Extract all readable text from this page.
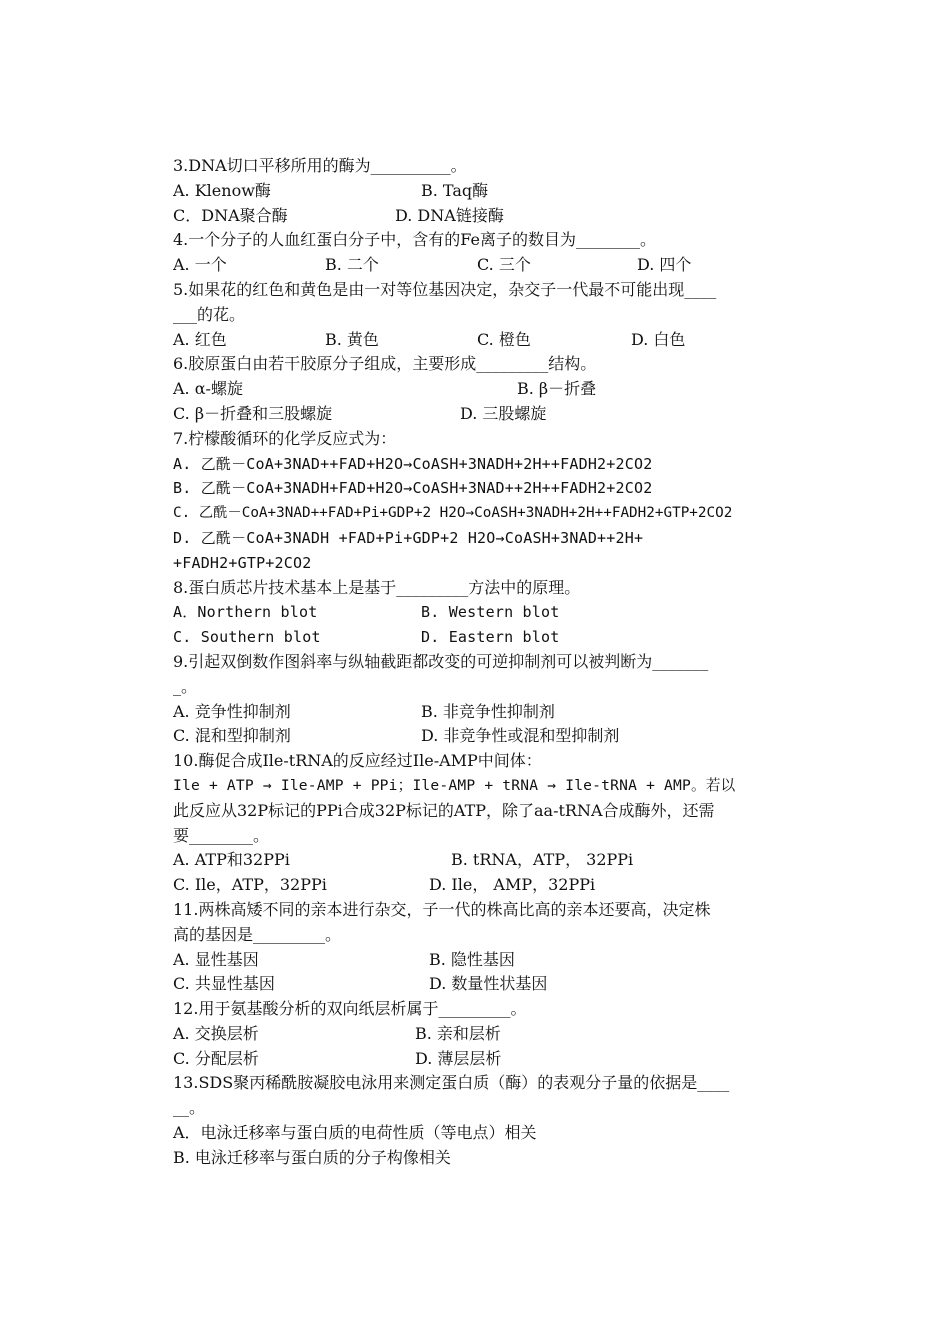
3.DNA切口平移所用的酶为__________。
A. Klenow酶	B. Taq酶
C．DNA聚合酶	D. DNA链接酶
4.一个分子的人血红蛋白分子中，含有的Fe离子的数目为________。
A. 一个	B. 二个	C. 三个	D. 四个
5.如果花的红色和黄色是由一对等位基因决定，杂交子一代最不可能出现____
___的花。
A. 红色	B. 黄色	C. 橙色	D. 白色
6.胶原蛋白由若干胶原分子组成，主要形成_________结构。
A. α-螺旋	B. β－折叠
C. β－折叠和三股螺旋	D. 三股螺旋
7.柠檬酸循环的化学反应式为：
A. 乙酰－CoA+3NAD++FAD+H2O→CoASH+3NADH+2H++FADH2+2CO2
B. 乙酰－CoA+3NADH+FAD+H2O→CoASH+3NAD++2H++FADH2+2CO2
C. 乙酰－CoA+3NAD++FAD+Pi+GDP+2 H2O→CoASH+3NADH+2H++FADH2+GTP+2CO2
D. 乙酰－CoA+3NADH +FAD+Pi+GDP+2 H2O→CoASH+3NAD++2H+
+FADH2+GTP+2CO2
8.蛋白质芯片技术基本上是基于_________方法中的原理。
A．Northern blot	B. Western blot
C. Southern blot	D. Eastern blot
9.引起双倒数作图斜率与纵轴截距都改变的可逆抑制剂可以被判断为_______
_。
A. 竞争性抑制剂	B. 非竞争性抑制剂
C. 混和型抑制剂	D. 非竞争性或混和型抑制剂
10.酶促合成Ile-tRNA的反应经过Ile-AMP中间体：
Ile + ATP → Ile-AMP + PPi；Ile-AMP + tRNA → Ile-tRNA + AMP。若以
此反应从32P标记的PPi合成32P标记的ATP，除了aa-tRNA合成酶外，还需
要________。
A. ATP和32PPi	B. tRNA，ATP， 32PPi
C. Ile，ATP，32PPi	D. Ile， AMP，32PPi
11.两株高矮不同的亲本进行杂交，子一代的株高比高的亲本还要高，决定株
高的基因是_________。
A. 显性基因	B. 隐性基因
C. 共显性基因	D. 数量性状基因
12.用于氨基酸分析的双向纸层析属于_________。
A. 交换层析	B. 亲和层析
C. 分配层析	D. 薄层层析
13.SDS聚丙稀酰胺凝胶电泳用来测定蛋白质（酶）的表观分子量的依据是____
__。
A．电泳迁移率与蛋白质的电荷性质（等电点）相关
B. 电泳迁移率与蛋白质的分子构像相关
